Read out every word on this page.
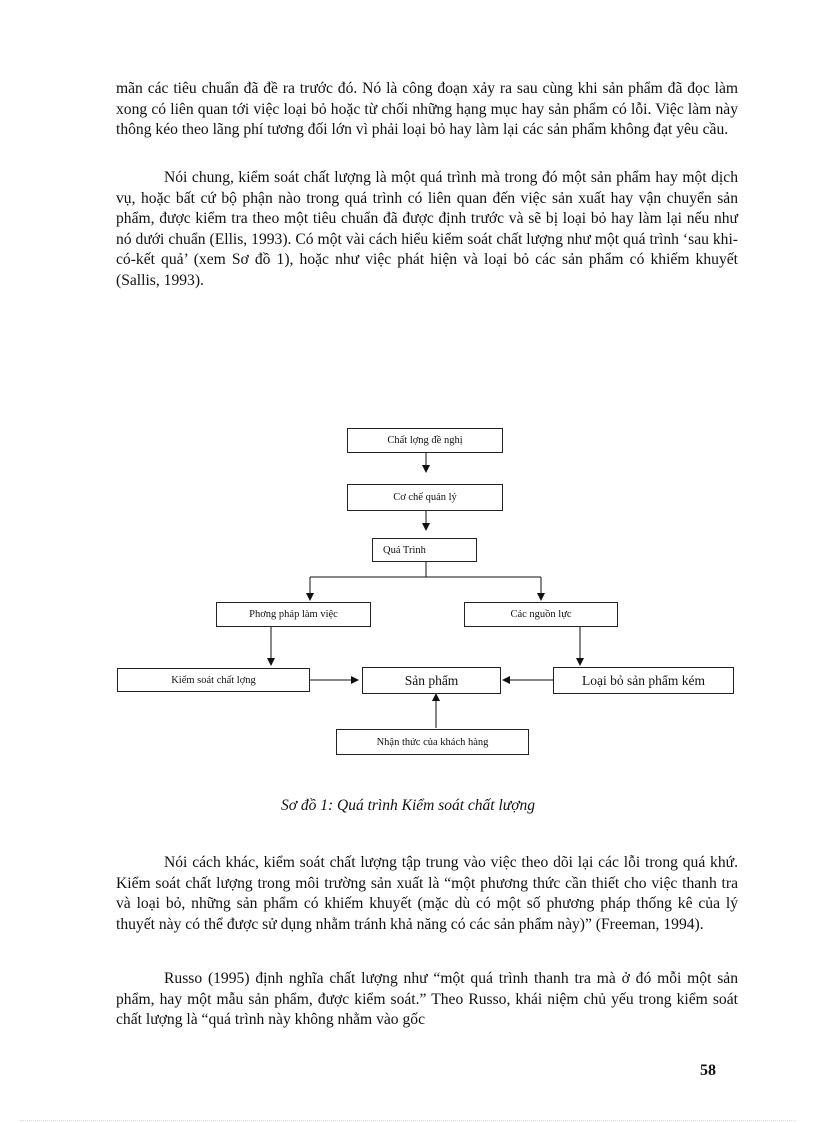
mãn các tiêu chuẩn đã đề ra trước đó. Nó là công đoạn xảy ra sau cùng khi sản phẩm đã đọc làm xong có liên quan tới việc loại bỏ hoặc từ chối những hạng mục hay sản phẩm có lỗi. Việc làm này thông kéo theo lãng phí tương đối lớn vì phải loại bỏ hay làm lại các sản phẩm không đạt yêu cầu.

Nói chung, kiểm soát chất lượng là một quá trình mà trong đó một sản phẩm hay một dịch vụ, hoặc bất cứ bộ phận nào trong quá trình có liên quan đến việc sản xuất hay vận chuyển sản phẩm, được kiểm tra theo một tiêu chuẩn đã được định trước và sẽ bị loại bỏ hay làm lại nếu như nó dưới chuẩn (Ellis, 1993). Có một vài cách hiểu kiểm soát chất lượng như một quá trình ‘sau khi-có-kết quả’ (xem Sơ đồ 1), hoặc như việc phát hiện và loại bỏ các sản phẩm có khiếm khuyết (Sallis, 1993).

Chất lợng đề nghị
Cơ chế quản lý
Quá Trình
Phơng pháp làm việc	Các nguồn lực
Kiểm soát chất lợng	Sản phẩm	Loại bỏ sản phẩm kém
Nhận thức của khách hàng
Sơ đồ 1: Quá trình Kiểm soát chất lượng

Nói cách khác, kiểm soát chất lượng tập trung vào việc theo dõi lại các lỗi trong quá khứ. Kiểm soát chất lượng trong môi trường sản xuất là “một phương thức cần thiết cho việc thanh tra và loại bỏ, những sản phẩm có khiếm khuyết (mặc dù có một số phương pháp thống kê của lý thuyết này có thể được sử dụng nhằm tránh khả năng có các sản phẩm này)” (Freeman, 1994).

Russo (1995) định nghĩa chất lượng như “một quá trình thanh tra mà ở đó mỗi một sản phẩm, hay một mẫu sản phẩm, được kiểm soát.” Theo Russo, khái niệm chủ yếu trong kiểm soát chất lượng là “quá trình này không nhằm vào gốc

58
